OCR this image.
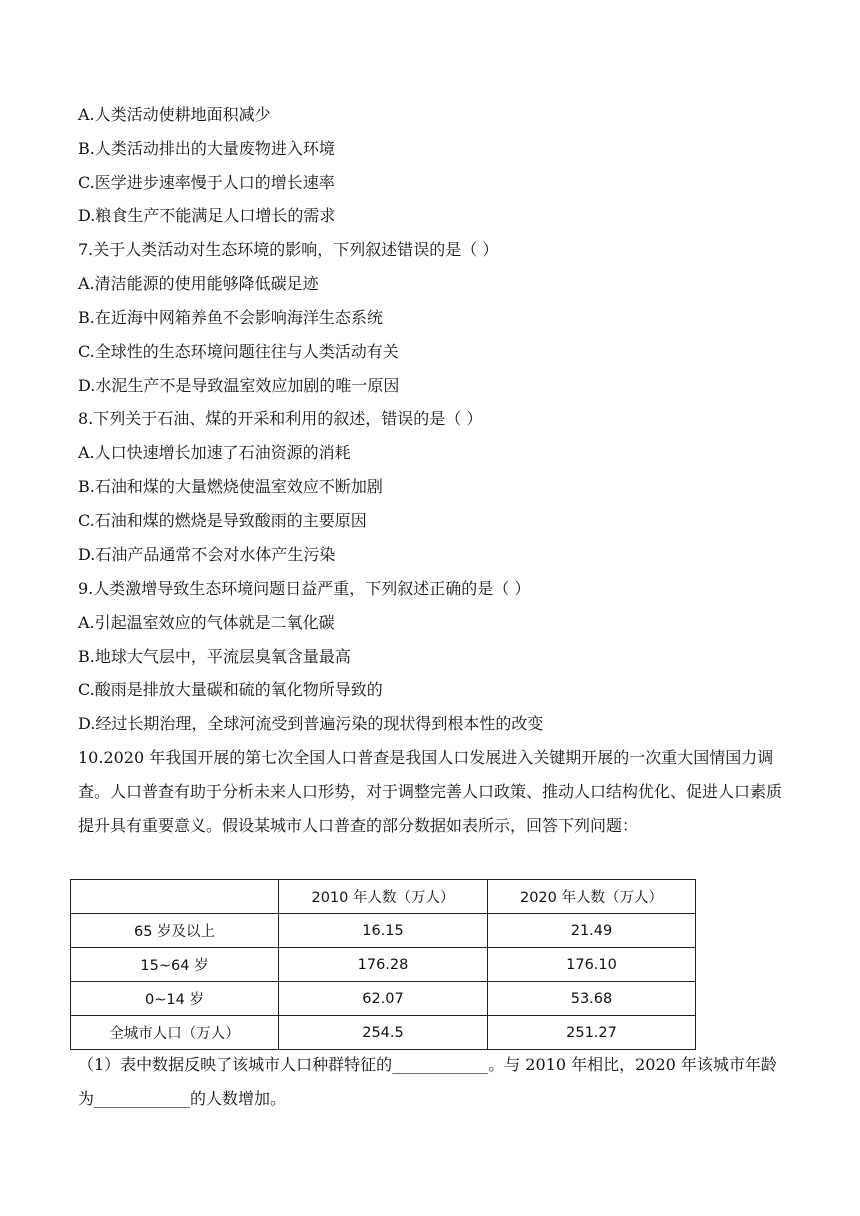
A.人类活动使耕地面积减少
B.人类活动排出的大量废物进入环境
C.医学进步速率慢于人口的增长速率
D.粮食生产不能满足人口增长的需求
7.关于人类活动对生态环境的影响，下列叙述错误的是（ ）
A.清洁能源的使用能够降低碳足迹
B.在近海中网箱养鱼不会影响海洋生态系统
C.全球性的生态环境问题往往与人类活动有关
D.水泥生产不是导致温室效应加剧的唯一原因
8.下列关于石油、煤的开采和利用的叙述，错误的是（ ）
A.人口快速增长加速了石油资源的消耗
B.石油和煤的大量燃烧使温室效应不断加剧
C.石油和煤的燃烧是导致酸雨的主要原因
D.石油产品通常不会对水体产生污染
9.人类激增导致生态环境问题日益严重，下列叙述正确的是（ ）
A.引起温室效应的气体就是二氧化碳
B.地球大气层中，平流层臭氧含量最高
C.酸雨是排放大量碳和硫的氧化物所导致的
D.经过长期治理，全球河流受到普遍污染的现状得到根本性的改变
10.2020 年我国开展的第七次全国人口普查是我国人口发展进入关键期开展的一次重大国情国力调查。人口普查有助于分析未来人口形势，对于调整完善人口政策、推动人口结构优化、促进人口素质提升具有重要意义。假设某城市人口普查的部分数据如表所示，回答下列问题：
	2010 年人数（万人）	2020 年人数（万人）
65 岁及以上	16.15	21.49
15~64 岁	176.28	176.10
0~14 岁	62.07	53.68
全城市人口（万人）	254.5	251.27
（1）表中数据反映了该城市人口种群特征的____________。与 2010 年相比，2020 年该城市年龄为____________的人数增加。
